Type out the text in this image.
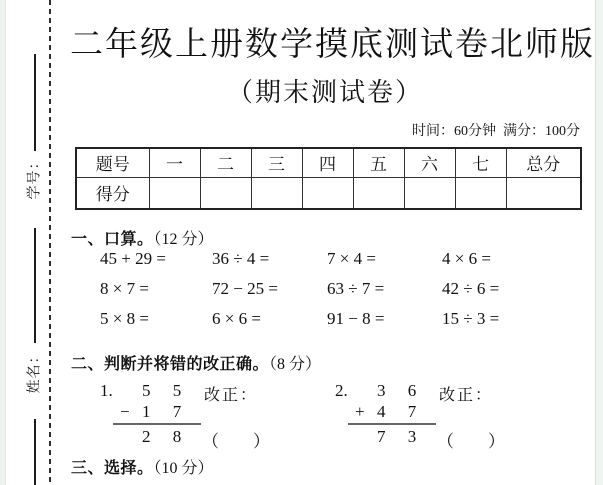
学号：
姓名：
二年级上册数学摸底测试卷北师版
（期末测试卷）
时间：60分钟  满分：100分
题号	一	二	三	四	五	六	七	总分
得分								
一、口算。（12 分）
45 + 29 =	36 ÷ 4 =	7 × 4 =	4 × 6 =
8 × 7 =	72 − 25 =	63 ÷ 7 =	42 ÷ 6 =
5 × 8 =	6 × 6 =	91 − 8 =	15 ÷ 3 =
二、判断并将错的改正确。（8 分）
1. 5 5 改正：
− 1 7
2 8 （　　）
2. 3 6 改正：
+ 4 7
7 3 （　　）
三、选择。（10 分）
